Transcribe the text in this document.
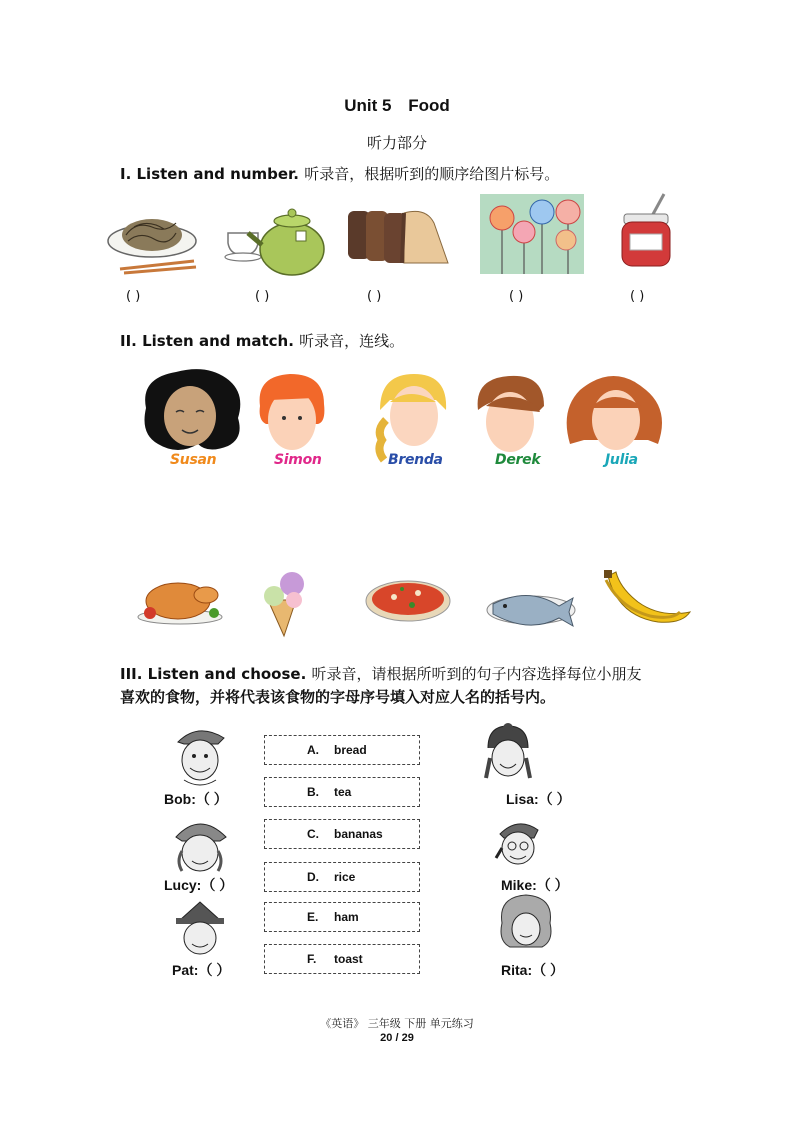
Unit 5 Food
听力部分
I. Listen and number. 听录音，根据听到的顺序给图片标号。
( )	( )	( )	( )	( )
II. Listen and match. 听录音，连线。
Susan	Simon	Brenda	Derek	Julia
III. Listen and choose. 听录音，请根据所听到的句子内容选择每位小朋友
喜欢的食物，并将代表该食物的字母序号填入对应人名的括号内。
Bob:（ ）
Lucy:（ ）
Pat:（ ）
A.	bread
B.	tea
C.	bananas
D.	rice
E.	ham
F.	toast
Lisa:（ ）
Mike:（ ）
Rita:（ ）
《英语》 三年级 下册 单元练习
20 / 29
